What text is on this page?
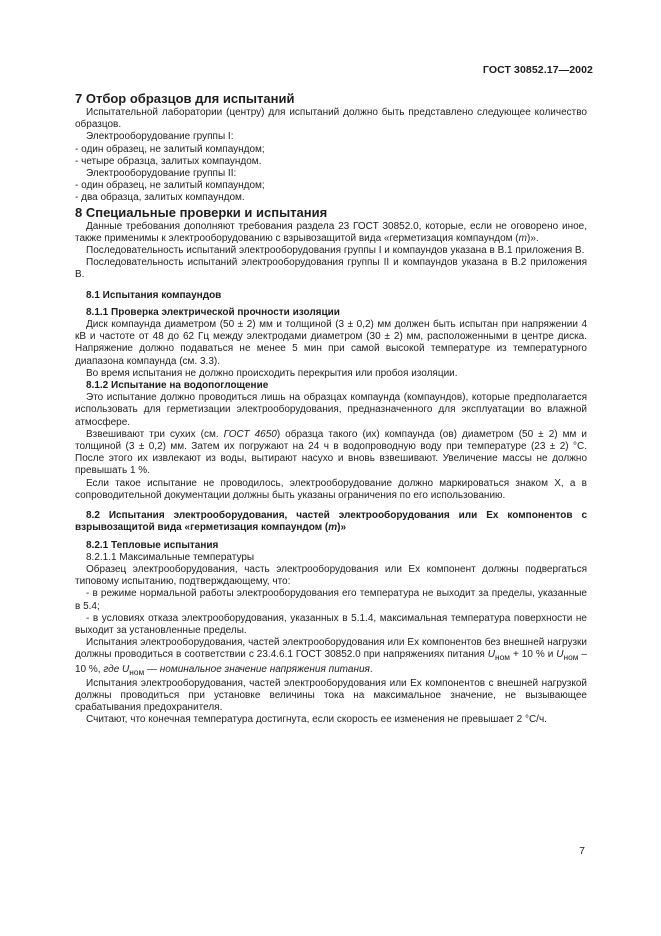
ГОСТ 30852.17—2002

7 Отбор образцов для испытаний

Испытательной лаборатории (центру) для испытаний должно быть представлено следующее количество образцов.

Электрооборудование группы I:

- один образец, не залитый компаундом;

- четыре образца, залитых компаундом.

Электрооборудование группы II:

- один образец, не залитый компаундом;

- два образца, залитых компаундом.

8 Специальные проверки и испытания

Данные требования дополняют требования раздела 23 ГОСТ 30852.0, которые, если не оговорено иное, также применимы к электрооборудованию с взрывозащитой вида «герметизация компаундом (m)».

Последовательность испытаний электрооборудования группы I и компаундов указана в В.1 приложения В.

Последовательность испытаний электрооборудования группы II и компаундов указана в В.2 приложения В.

8.1 Испытания компаундов

8.1.1 Проверка электрической прочности изоляции

Диск компаунда диаметром (50 ± 2) мм и толщиной (3 ± 0,2) мм должен быть испытан при напряжении 4 кВ и частоте от 48 до 62 Гц между электродами диаметром (30 ± 2) мм, расположенными в центре диска. Напряжение должно подаваться не менее 5 мин при самой высокой температуре из температурного диапазона компаунда (см. 3.3).

Во время испытания не должно происходить перекрытия или пробоя изоляции.

8.1.2 Испытание на водопоглощение

Это испытание должно проводиться лишь на образцах компаунда (компаундов), которые предполагается использовать для герметизации электрооборудования, предназначенного для эксплуатации во влажной атмосфере.

Взвешивают три сухих (см. ГОСТ 4650) образца такого (их) компаунда (ов) диаметром (50 ± 2) мм и толщиной (3 ± 0,2) мм. Затем их погружают на 24 ч в водопроводную воду при температуре (23 ± 2) °С. После этого их извлекают из воды, вытирают насухо и вновь взвешивают. Увеличение массы не должно превышать 1 %.

Если такое испытание не проводилось, электрооборудование должно маркироваться знаком X, а в сопроводительной документации должны быть указаны ограничения по его использованию.

8.2 Испытания электрооборудования, частей электрооборудования или Ex компонентов с взрывозащитой вида «герметизация компаундом (m)»

8.2.1 Тепловые испытания

8.2.1.1 Максимальные температуры

Образец электрооборудования, часть электрооборудования или Ex компонент должны подвергаться типовому испытанию, подтверждающему, что:

- в режиме нормальной работы электрооборудования его температура не выходит за пределы, указанные в 5.4;

- в условиях отказа электрооборудования, указанных в 5.1.4, максимальная температура поверхности не выходит за установленные пределы.

Испытания электрооборудования, частей электрооборудования или Ex компонентов без внешней нагрузки должны проводиться в соответствии с 23.4.6.1 ГОСТ 30852.0 при напряжениях питания $U_{ном} + 10$ % и $U_{ном} - 10$ %, где $U_{ном}$ — номинальное значение напряжения питания.

Испытания электрооборудования, частей электрооборудования или Ex компонентов с внешней нагрузкой должны проводиться при установке величины тока на максимальное значение, не вызывающее срабатывания предохранителя.

Считают, что конечная температура достигнута, если скорость ее изменения не превышает 2 °С/ч.

7
